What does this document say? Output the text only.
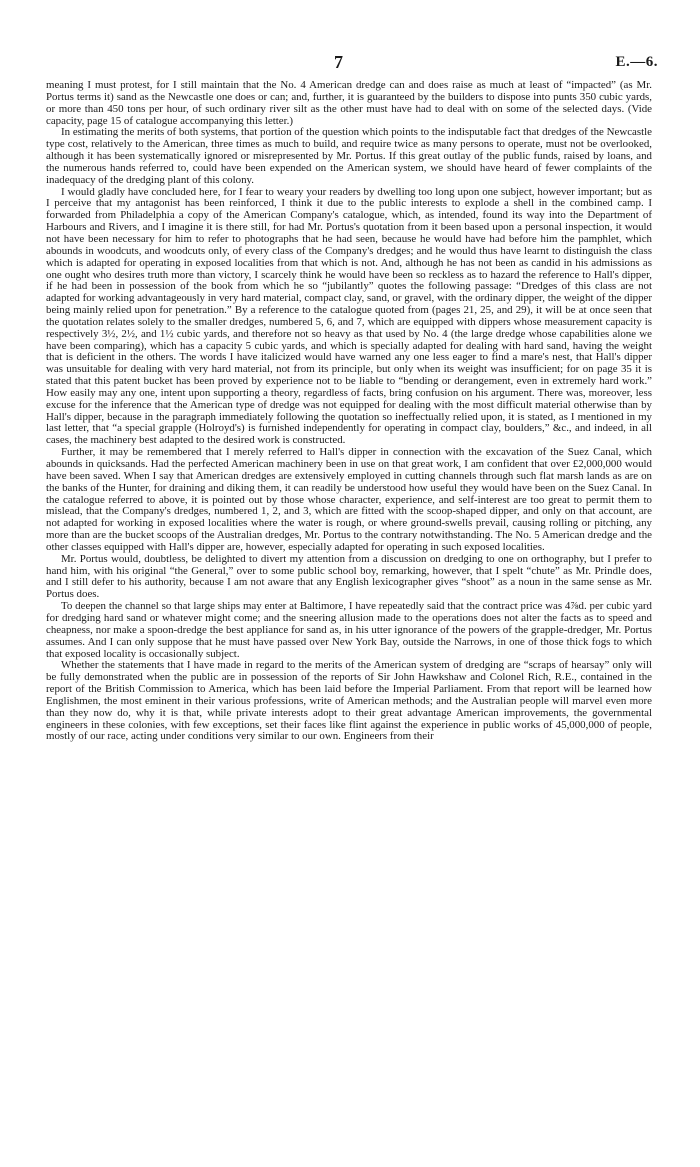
7	E.—6.

meaning I must protest, for I still maintain that the No. 4 American dredge can and does raise as much at least of “impacted” (as Mr. Portus terms it) sand as the Newcastle one does or can; and, further, it is guaranteed by the builders to dispose into punts 350 cubic yards, or more than 450 tons per hour, of such ordinary river silt as the other must have had to deal with on some of the selected days. (Vide capacity, page 15 of catalogue accompanying this letter.)

In estimating the merits of both systems, that portion of the question which points to the indisputable fact that dredges of the Newcastle type cost, relatively to the American, three times as much to build, and require twice as many persons to operate, must not be overlooked, although it has been systematically ignored or misrepresented by Mr. Portus. If this great outlay of the public funds, raised by loans, and the numerous hands referred to, could have been expended on the American system, we should have heard of fewer complaints of the inadequacy of the dredging plant of this colony.

I would gladly have concluded here, for I fear to weary your readers by dwelling too long upon one subject, however important; but as I perceive that my antagonist has been reinforced, I think it due to the public interests to explode a shell in the combined camp. I forwarded from Philadelphia a copy of the American Company's catalogue, which, as intended, found its way into the Department of Harbours and Rivers, and I imagine it is there still, for had Mr. Portus's quotation from it been based upon a personal inspection, it would not have been necessary for him to refer to photographs that he had seen, because he would have had before him the pamphlet, which abounds in woodcuts, and woodcuts only, of every class of the Company's dredges; and he would thus have learnt to distinguish the class which is adapted for operating in exposed localities from that which is not. And, although he has not been as candid in his admissions as one ought who desires truth more than victory, I scarcely think he would have been so reckless as to hazard the reference to Hall's dipper, if he had been in possession of the book from which he so “jubilantly” quotes the following passage: “Dredges of this class are not adapted for working advantageously in very hard material, compact clay, sand, or gravel, with the ordinary dipper, the weight of the dipper being mainly relied upon for penetration.” By a reference to the catalogue quoted from (pages 21, 25, and 29), it will be at once seen that the quotation relates solely to the smaller dredges, numbered 5, 6, and 7, which are equipped with dippers whose measurement capacity is respectively 3½, 2½, and 1½ cubic yards, and therefore not so heavy as that used by No. 4 (the large dredge whose capabilities alone we have been comparing), which has a capacity 5 cubic yards, and which is specially adapted for dealing with hard sand, having the weight that is deficient in the others. The words I have italicized would have warned any one less eager to find a mare's nest, that Hall's dipper was unsuitable for dealing with very hard material, not from its principle, but only when its weight was insufficient; for on page 35 it is stated that this patent bucket has been proved by experience not to be liable to “bending or derangement, even in extremely hard work.” How easily may any one, intent upon supporting a theory, regardless of facts, bring confusion on his argument. There was, moreover, less excuse for the inference that the American type of dredge was not equipped for dealing with the most difficult material otherwise than by Hall's dipper, because in the paragraph immediately following the quotation so ineffectually relied upon, it is stated, as I mentioned in my last letter, that “a special grapple (Holroyd's) is furnished independently for operating in compact clay, boulders,” &c., and indeed, in all cases, the machinery best adapted to the desired work is constructed.

Further, it may be remembered that I merely referred to Hall's dipper in connection with the excavation of the Suez Canal, which abounds in quicksands. Had the perfected American machinery been in use on that great work, I am confident that over £2,000,000 would have been saved. When I say that American dredges are extensively employed in cutting channels through such flat marsh lands as are on the banks of the Hunter, for draining and diking them, it can readily be understood how useful they would have been on the Suez Canal. In the catalogue referred to above, it is pointed out by those whose character, experience, and self-interest are too great to permit them to mislead, that the Company's dredges, numbered 1, 2, and 3, which are fitted with the scoop-shaped dipper, and only on that account, are not adapted for working in exposed localities where the water is rough, or where ground-swells prevail, causing rolling or pitching, any more than are the bucket scoops of the Australian dredges, Mr. Portus to the contrary notwithstanding. The No. 5 American dredge and the other classes equipped with Hall's dipper are, however, especially adapted for operating in such exposed localities.

Mr. Portus would, doubtless, be delighted to divert my attention from a discussion on dredging to one on orthography, but I prefer to hand him, with his original “the General,” over to some public school boy, remarking, however, that I spelt “chute” as Mr. Prindle does, and I still defer to his authority, because I am not aware that any English lexicographer gives “shoot” as a noun in the same sense as Mr. Portus does.

To deepen the channel so that large ships may enter at Baltimore, I have repeatedly said that the contract price was 4⅞d. per cubic yard for dredging hard sand or whatever might come; and the sneering allusion made to the operations does not alter the facts as to speed and cheapness, nor make a spoon-dredge the best appliance for sand as, in his utter ignorance of the powers of the grapple-dredger, Mr. Portus assumes. And I can only suppose that he must have passed over New York Bay, outside the Narrows, in one of those thick fogs to which that exposed locality is occasionally subject.

Whether the statements that I have made in regard to the merits of the American system of dredging are “scraps of hearsay” only will be fully demonstrated when the public are in possession of the reports of Sir John Hawkshaw and Colonel Rich, R.E., contained in the report of the British Commission to America, which has been laid before the Imperial Parliament. From that report will be learned how Englishmen, the most eminent in their various professions, write of American methods; and the Australian people will marvel even more than they now do, why it is that, while private interests adopt to their great advantage American improvements, the governmental engineers in these colonies, with few exceptions, set their faces like flint against the experience in public works of 45,000,000 of people, mostly of our race, acting under conditions very similar to our own. Engineers from their
